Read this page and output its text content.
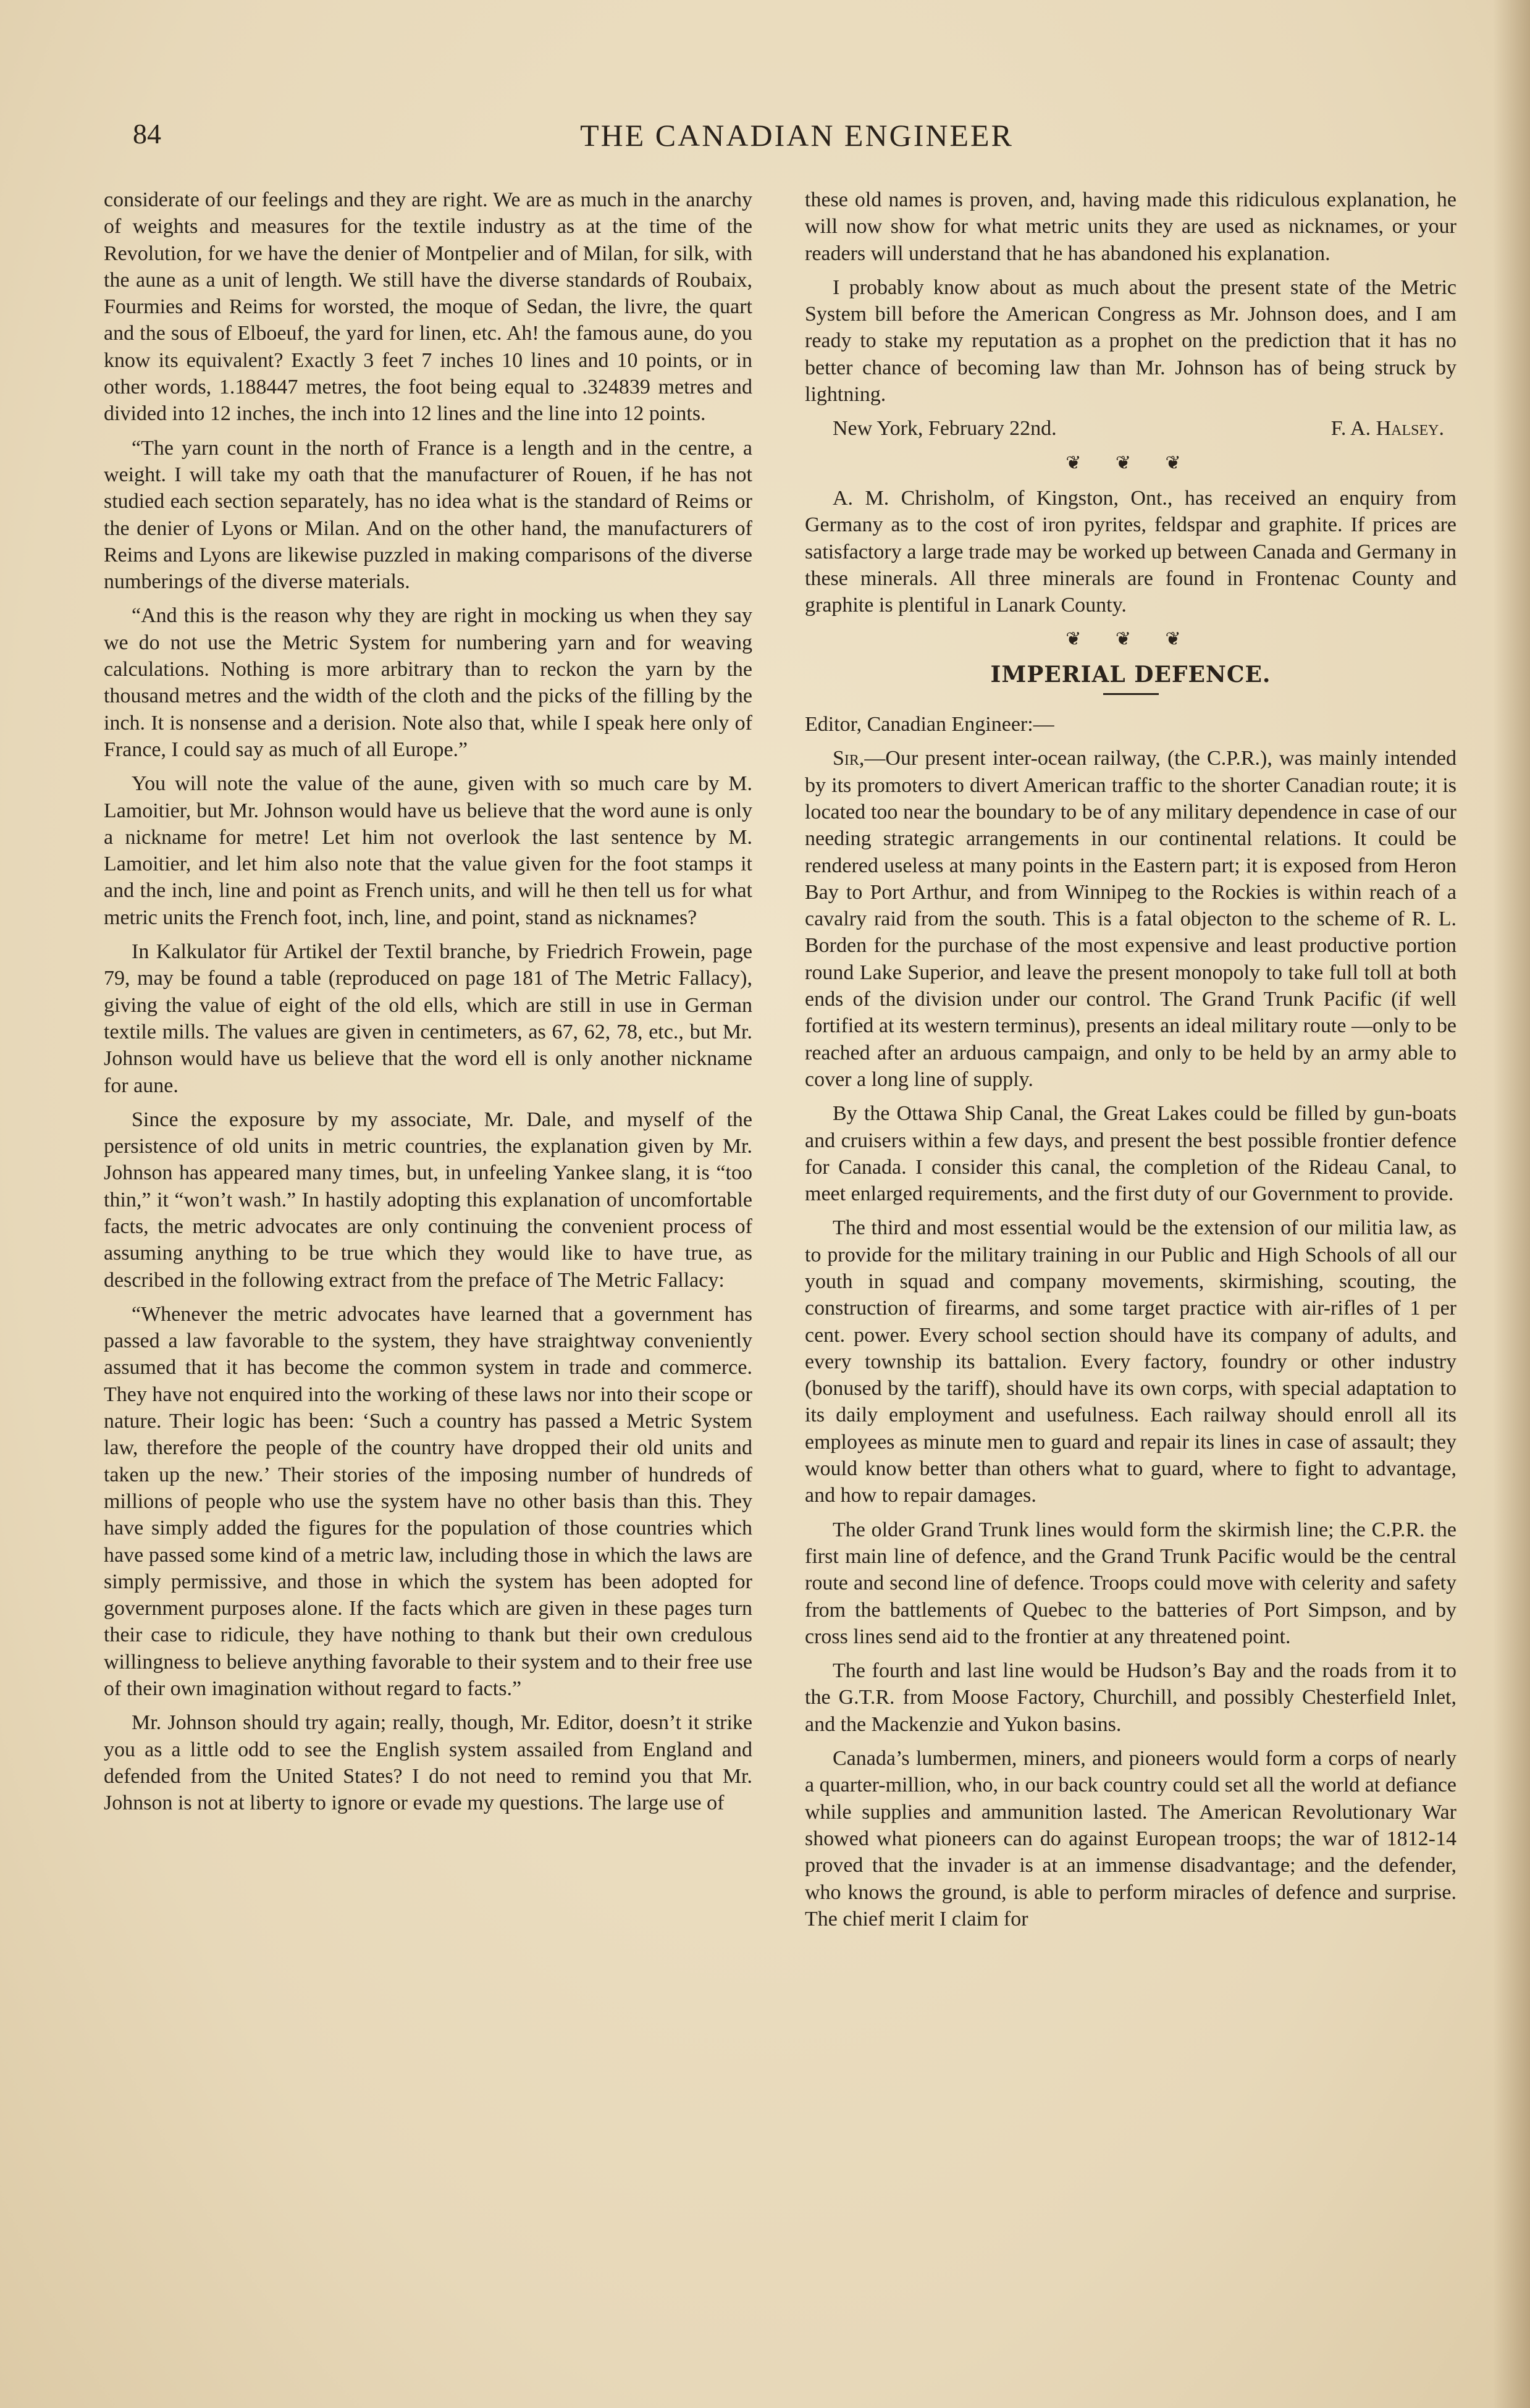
84	THE CANADIAN ENGINEER

considerate of our feelings and they are right. We are as much in the anarchy of weights and measures for the textile industry as at the time of the Revolution, for we have the denier of Montpelier and of Milan, for silk, with the aune as a unit of length. We still have the diverse standards of Roubaix, Fourmies and Reims for worsted, the moque of Sedan, the livre, the quart and the sous of Elboeuf, the yard for linen, etc. Ah! the famous aune, do you know its equivalent? Exactly 3 feet 7 inches 10 lines and 10 points, or in other words, 1.188447 metres, the foot being equal to .324839 metres and divided into 12 inches, the inch into 12 lines and the line into 12 points.

“The yarn count in the north of France is a length and in the centre, a weight. I will take my oath that the manufacturer of Rouen, if he has not studied each section separately, has no idea what is the standard of Reims or the denier of Lyons or Milan. And on the other hand, the manufacturers of Reims and Lyons are likewise puzzled in making comparisons of the diverse numberings of the diverse materials.

“And this is the reason why they are right in mocking us when they say we do not use the Metric System for numbering yarn and for weaving calculations. Nothing is more arbitrary than to reckon the yarn by the thousand metres and the width of the cloth and the picks of the filling by the inch. It is nonsense and a derision. Note also that, while I speak here only of France, I could say as much of all Europe.”

You will note the value of the aune, given with so much care by M. Lamoitier, but Mr. Johnson would have us believe that the word aune is only a nickname for metre! Let him not overlook the last sentence by M. Lamoitier, and let him also note that the value given for the foot stamps it and the inch, line and point as French units, and will he then tell us for what metric units the French foot, inch, line, and point, stand as nicknames?

In Kalkulator für Artikel der Textil branche, by Friedrich Frowein, page 79, may be found a table (reproduced on page 181 of The Metric Fallacy), giving the value of eight of the old ells, which are still in use in German textile mills. The values are given in centimeters, as 67, 62, 78, etc., but Mr. Johnson would have us believe that the word ell is only another nickname for aune.

Since the exposure by my associate, Mr. Dale, and myself of the persistence of old units in metric countries, the explanation given by Mr. Johnson has appeared many times, but, in unfeeling Yankee slang, it is “too thin,” it “won’t wash.” In hastily adopting this explanation of uncomfortable facts, the metric advocates are only continuing the convenient process of assuming anything to be true which they would like to have true, as described in the following extract from the preface of The Metric Fallacy:

“Whenever the metric advocates have learned that a government has passed a law favorable to the system, they have straightway conveniently assumed that it has become the common system in trade and commerce. They have not enquired into the working of these laws nor into their scope or nature. Their logic has been: ‘Such a country has passed a Metric System law, therefore the people of the country have dropped their old units and taken up the new.’ Their stories of the imposing number of hundreds of millions of people who use the system have no other basis than this. They have simply added the figures for the population of those countries which have passed some kind of a metric law, including those in which the laws are simply permissive, and those in which the system has been adopted for government purposes alone. If the facts which are given in these pages turn their case to ridicule, they have nothing to thank but their own credulous willingness to believe anything favorable to their system and to their free use of their own imagination without regard to facts.”

Mr. Johnson should try again; really, though, Mr. Editor, doesn’t it strike you as a little odd to see the English system assailed from England and defended from the United States? I do not need to remind you that Mr. Johnson is not at liberty to ignore or evade my questions. The large use of

these old names is proven, and, having made this ridiculous explanation, he will now show for what metric units they are used as nicknames, or your readers will understand that he has abandoned his explanation.

I probably know about as much about the present state of the Metric System bill before the American Congress as Mr. Johnson does, and I am ready to stake my reputation as a prophet on the prediction that it has no better chance of becoming law than Mr. Johnson has of being struck by lightning.

New York, February 22nd.	F. A. Halsey.
❦ ❦ ❦

A. M. Chrisholm, of Kingston, Ont., has received an enquiry from Germany as to the cost of iron pyrites, feldspar and graphite. If prices are satisfactory a large trade may be worked up between Canada and Germany in these minerals. All three minerals are found in Frontenac County and graphite is plentiful in Lanark County.

❦ ❦ ❦
IMPERIAL DEFENCE.

Editor, Canadian Engineer:—

Sir,—Our present inter-ocean railway, (the C.P.R.), was mainly intended by its promoters to divert American traffic to the shorter Canadian route; it is located too near the boundary to be of any military dependence in case of our needing strategic arrangements in our continental relations. It could be rendered useless at many points in the Eastern part; it is exposed from Heron Bay to Port Arthur, and from Winnipeg to the Rockies is within reach of a cavalry raid from the south. This is a fatal objecton to the scheme of R. L. Borden for the purchase of the most expensive and least productive portion round Lake Superior, and leave the present monopoly to take full toll at both ends of the division under our control. The Grand Trunk Pacific (if well fortified at its western terminus), presents an ideal military route —only to be reached after an arduous campaign, and only to be held by an army able to cover a long line of supply.

By the Ottawa Ship Canal, the Great Lakes could be filled by gun-boats and cruisers within a few days, and present the best possible frontier defence for Canada. I consider this canal, the completion of the Rideau Canal, to meet enlarged requirements, and the first duty of our Government to provide.

The third and most essential would be the extension of our militia law, as to provide for the military training in our Public and High Schools of all our youth in squad and company movements, skirmishing, scouting, the construction of firearms, and some target practice with air-rifles of 1 per cent. power. Every school section should have its company of adults, and every township its battalion. Every factory, foundry or other industry (bonused by the tariff), should have its own corps, with special adaptation to its daily employment and usefulness. Each railway should enroll all its employees as minute men to guard and repair its lines in case of assault; they would know better than others what to guard, where to fight to advantage, and how to repair damages.

The older Grand Trunk lines would form the skirmish line; the C.P.R. the first main line of defence, and the Grand Trunk Pacific would be the central route and second line of defence. Troops could move with celerity and safety from the battlements of Quebec to the batteries of Port Simpson, and by cross lines send aid to the frontier at any threatened point.

The fourth and last line would be Hudson’s Bay and the roads from it to the G.T.R. from Moose Factory, Churchill, and possibly Chesterfield Inlet, and the Mackenzie and Yukon basins.

Canada’s lumbermen, miners, and pioneers would form a corps of nearly a quarter-million, who, in our back country could set all the world at defiance while supplies and ammunition lasted. The American Revolutionary War showed what pioneers can do against European troops; the war of 1812-14 proved that the invader is at an immense disadvantage; and the defender, who knows the ground, is able to perform miracles of defence and surprise. The chief merit I claim for
